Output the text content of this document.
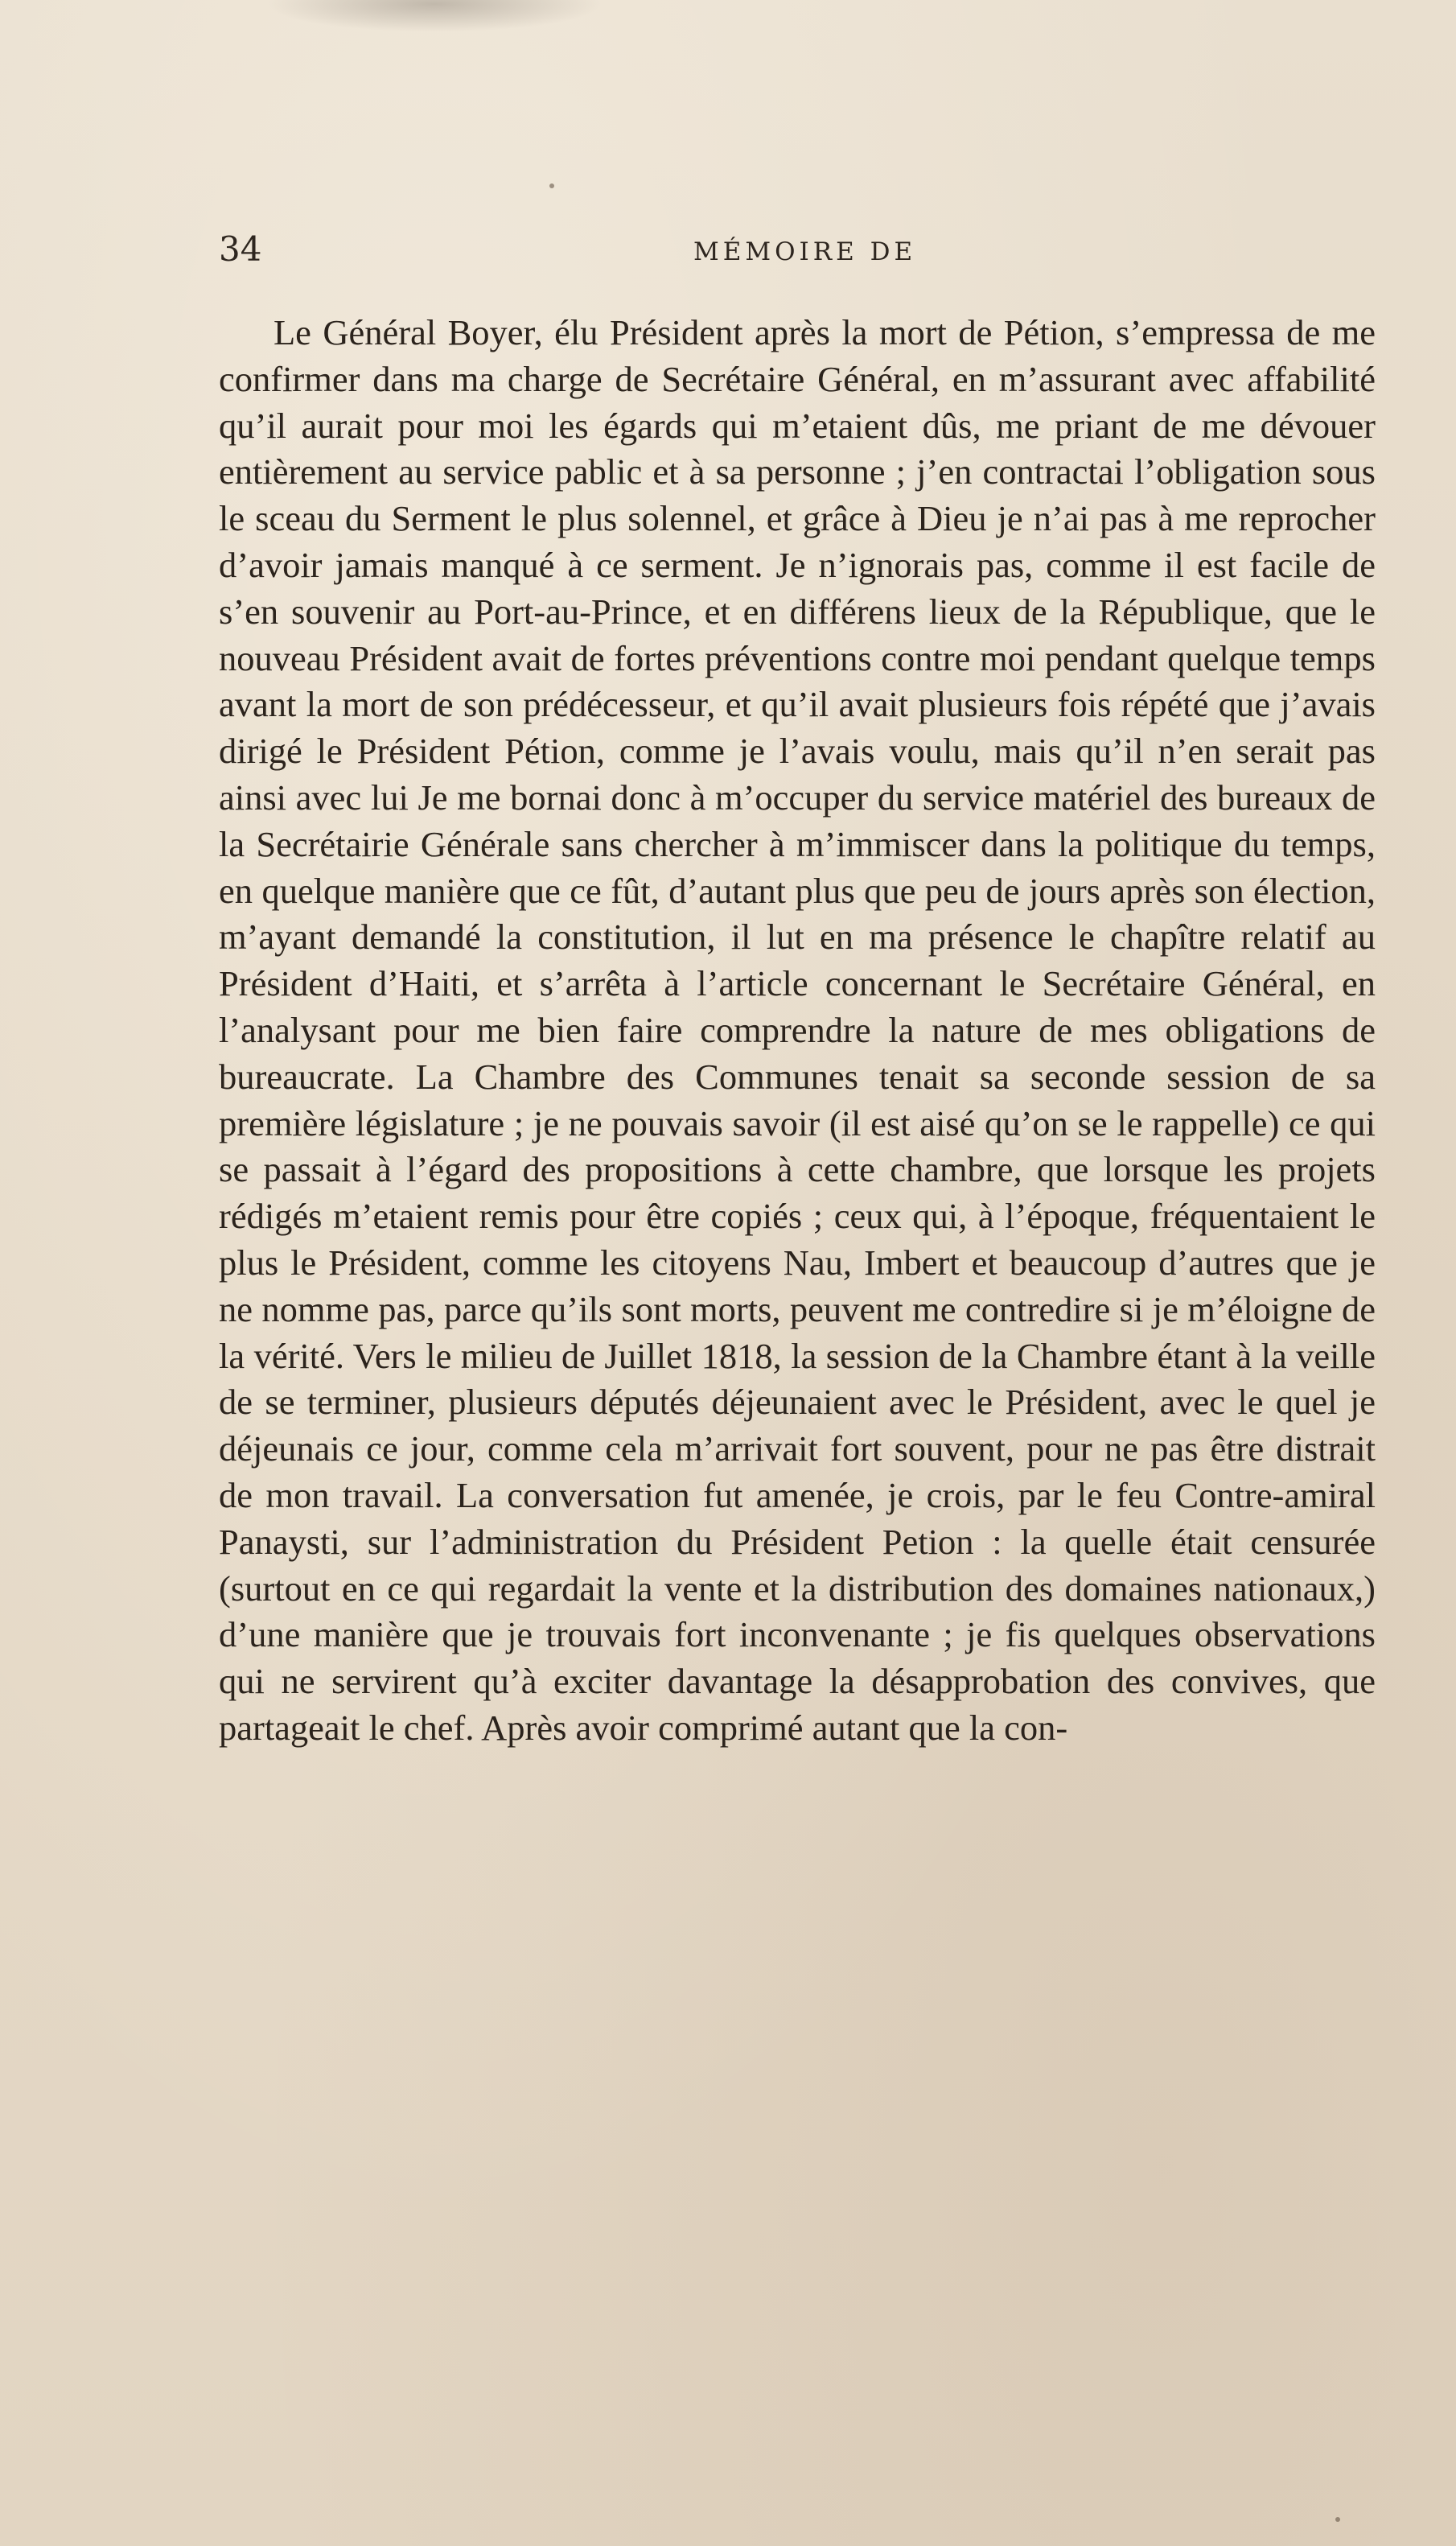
34	MÉMOIRE DE

Le Général Boyer, élu Président après la mort de Pétion, s’empressa de me confirmer dans ma charge de Secrétaire Général, en m’assurant avec affabilité qu’il aurait pour moi les égards qui m’etaient dûs, me priant de me dévouer entièrement au service pablic et à sa personne ; j’en contractai l’obligation sous le sceau du Serment le plus solennel, et grâce à Dieu je n’ai pas à me reprocher d’avoir jamais manqué à ce serment. Je n’ignorais pas, comme il est facile de s’en souvenir au Port-au-Prince, et en différens lieux de la République, que le nouveau Président avait de fortes préventions contre moi pendant quelque temps avant la mort de son prédécesseur, et qu’il avait plusieurs fois répété que j’avais dirigé le Président Pétion, comme je l’avais voulu, mais qu’il n’en serait pas ainsi avec lui Je me bornai donc à m’occuper du service matériel des bureaux de la Secrétairie Générale sans chercher à m’immiscer dans la politique du temps, en quelque manière que ce fût, d’autant plus que peu de jours après son élection, m’ayant demandé la constitution, il lut en ma présence le chapître relatif au Président d’Haiti, et s’arrêta à l’article concernant le Secrétaire Général, en l’analysant pour me bien faire comprendre la nature de mes obligations de bureaucrate. La Chambre des Communes tenait sa seconde session de sa première législature ; je ne pouvais savoir (il est aisé qu’on se le rappelle) ce qui se passait à l’égard des propositions à cette chambre, que lorsque les projets rédigés m’etaient remis pour être copiés ; ceux qui, à l’époque, fréquentaient le plus le Président, comme les citoyens Nau, Imbert et beaucoup d’autres que je ne nomme pas, parce qu’ils sont morts, peuvent me contredire si je m’éloigne de la vérité. Vers le milieu de Juillet 1818, la session de la Chambre étant à la veille de se terminer, plusieurs députés déjeunaient avec le Président, avec le quel je déjeunais ce jour, comme cela m’arrivait fort souvent, pour ne pas être distrait de mon travail. La conversation fut amenée, je crois, par le feu Contre-amiral Panaysti, sur l’administration du Président Petion : la quelle était censurée (surtout en ce qui regardait la vente et la distribution des domaines nationaux,) d’une manière que je trouvais fort inconvenante ; je fis quelques observations qui ne servirent qu’à exciter davantage la désapprobation des convives, que partageait le chef. Après avoir comprimé autant que la con-
